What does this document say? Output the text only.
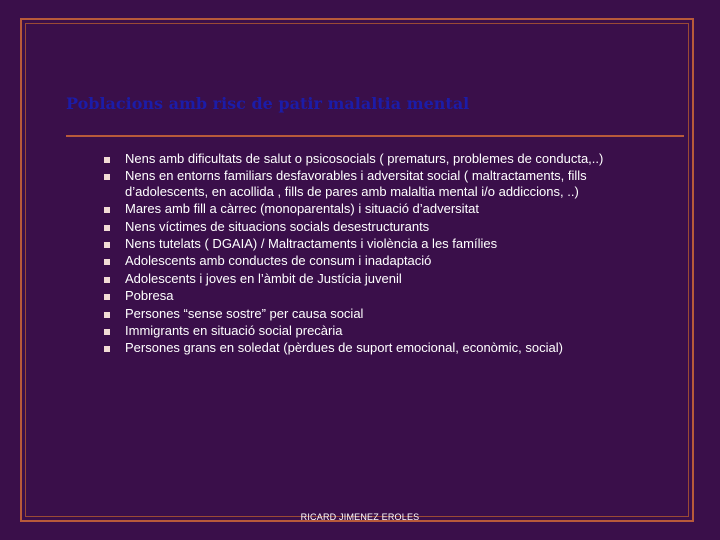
Poblacions amb risc de patir malaltia mental
Nens amb dificultats de salut o psicosocials ( prematurs, problemes de conducta,..)
Nens en entorns familiars desfavorables i adversitat social ( maltractaments, fills d’adolescents, en acollida , fills de pares amb malaltia mental i/o addiccions, ..)
Mares amb fill a càrrec (monoparentals) i situació d’adversitat
Nens víctimes de situacions socials desestructurants
Nens tutelats ( DGAIA) / Maltractaments i violència a les famílies
Adolescents amb conductes de consum i inadaptació
Adolescents i joves en l’àmbit de Justícia juvenil
Pobresa
Persones “sense sostre” per causa social
Immigrants en situació social precària
Persones grans en soledat (pèrdues de suport emocional, econòmic, social)
RICARD JIMENEZ EROLES
